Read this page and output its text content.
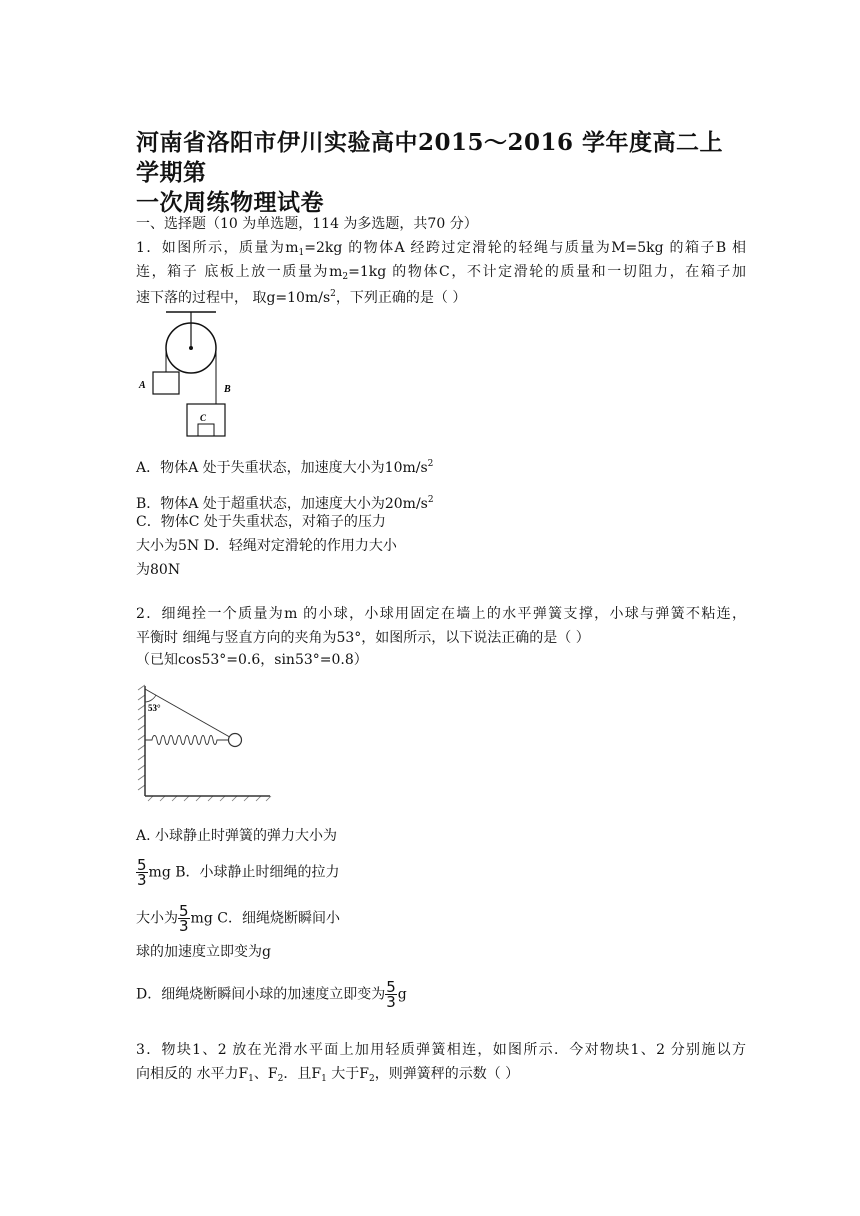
河南省洛阳市伊川实验高中2015～2016 学年度高二上学期第
一次周练物理试卷
一、选择题（10 为单选题，114 为多选题，共70 分）
1．如图所示，质量为$m_1=2kg$ 的物体A 经跨过定滑轮的轻绳与质量为M=5kg 的箱子B 相
连，箱子 底板上放一质量为$m_2=1kg$ 的物体C，不计定滑轮的质量和一切阻力，在箱子加
速下落的过程中， 取$g=10m/s^2$，下列正确的是（ ）
A	B
C
A．物体A 处于失重状态，加速度大小为$10m/s^2$
B．物体A 处于超重状态，加速度大小为$20m/s^2$
C．物体C 处于失重状态，对箱子的压力
大小为5N D．轻绳对定滑轮的作用力大小
为80N
2．细绳拴一个质量为m 的小球，小球用固定在墙上的水平弹簧支撑，小球与弹簧不粘连，
平衡时 细绳与竖直方向的夹角为53°，如图所示，以下说法正确的是（ ）
（已知cos53°=0.6，sin53°=0.8）
53°
A. 小球静止时弹簧的弹力大小为
$\frac{5}{3}$ mg B．小球静止时细绳的拉力
大小为 $\frac{5}{3}$ mg C．细绳烧断瞬间小
球的加速度立即变为g
D．细绳烧断瞬间小球的加速度立即变为 $\frac{5}{3}$ g
3．物块1、2 放在光滑水平面上加用轻质弹簧相连，如图所示．今对物块1、2 分别施以方
向相反的 水平力$F_1$、$F_2$．且$F_1$ 大于$F_2$，则弹簧秤的示数（ ）
